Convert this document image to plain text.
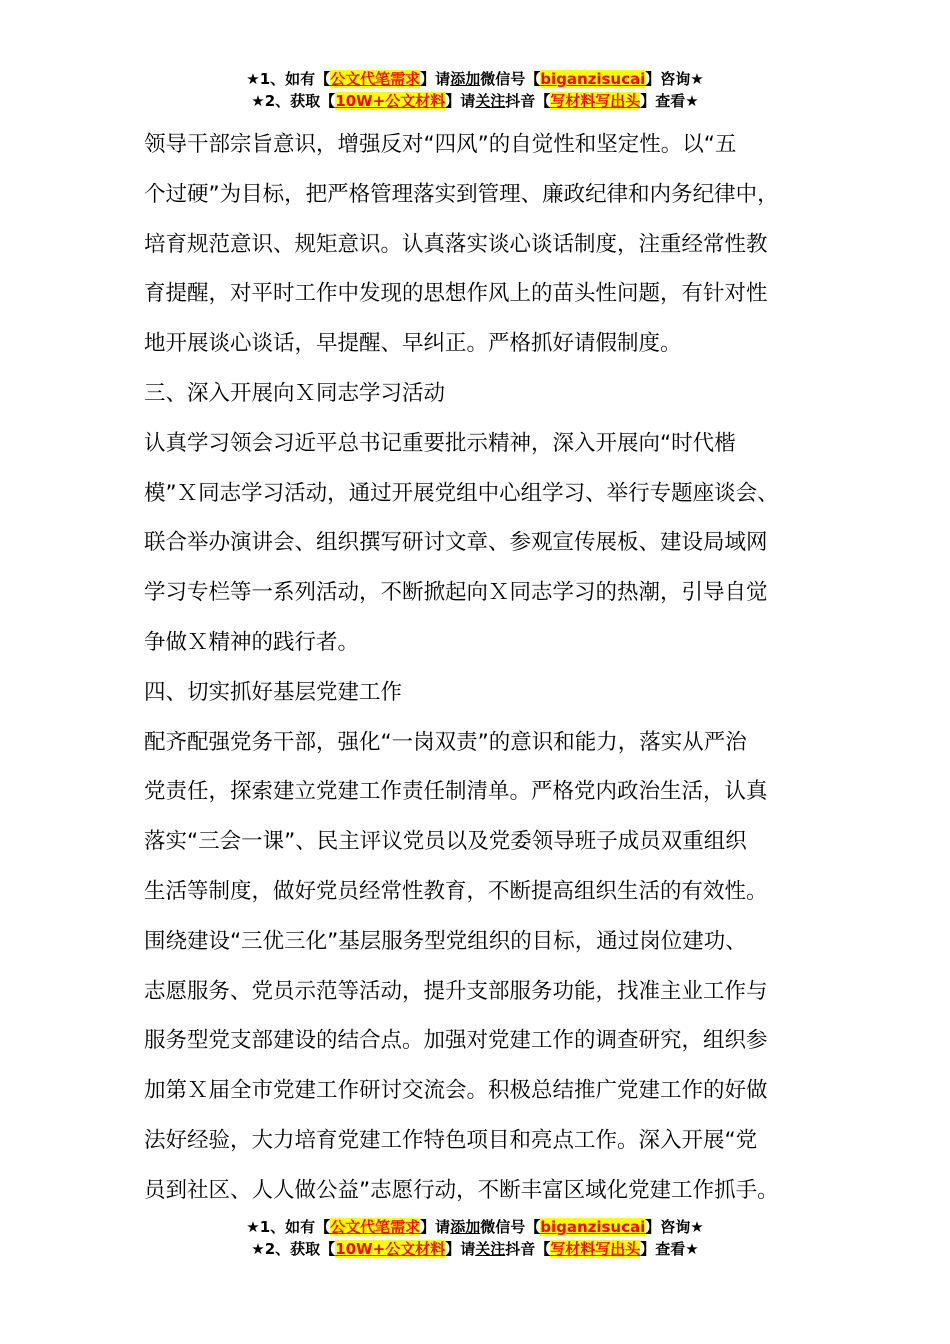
★1、如有【公文代笔需求】请添加微信号【biganzisucai】咨询★
★2、获取【10W+公文材料】请关注抖音【写材料写出头】查看★

领导干部宗旨意识，增强反对“四风”的自觉性和坚定性。以“五

个过硬”为目标，把严格管理落实到管理、廉政纪律和内务纪律中，

培育规范意识、规矩意识。认真落实谈心谈话制度，注重经常性教

育提醒，对平时工作中发现的思想作风上的苗头性问题，有针对性

地开展谈心谈话，早提醒、早纠正。严格抓好请假制度。

三、深入开展向Ｘ同志学习活动

认真学习领会习近平总书记重要批示精神，深入开展向“时代楷

模”Ｘ同志学习活动，通过开展党组中心组学习、举行专题座谈会、

联合举办演讲会、组织撰写研讨文章、参观宣传展板、建设局域网

学习专栏等一系列活动，不断掀起向Ｘ同志学习的热潮，引导自觉

争做Ｘ精神的践行者。

四、切实抓好基层党建工作

配齐配强党务干部，强化“一岗双责”的意识和能力，落实从严治

党责任，探索建立党建工作责任制清单。严格党内政治生活，认真

落实“三会一课”、民主评议党员以及党委领导班子成员双重组织

生活等制度，做好党员经常性教育，不断提高组织生活的有效性。

围绕建设“三优三化”基层服务型党组织的目标，通过岗位建功、

志愿服务、党员示范等活动，提升支部服务功能，找准主业工作与

服务型党支部建设的结合点。加强对党建工作的调查研究，组织参

加第Ｘ届全市党建工作研讨交流会。积极总结推广党建工作的好做

法好经验，大力培育党建工作特色项目和亮点工作。深入开展“党

员到社区、人人做公益”志愿行动，不断丰富区域化党建工作抓手。

★1、如有【公文代笔需求】请添加微信号【biganzisucai】咨询★
★2、获取【10W+公文材料】请关注抖音【写材料写出头】查看★
